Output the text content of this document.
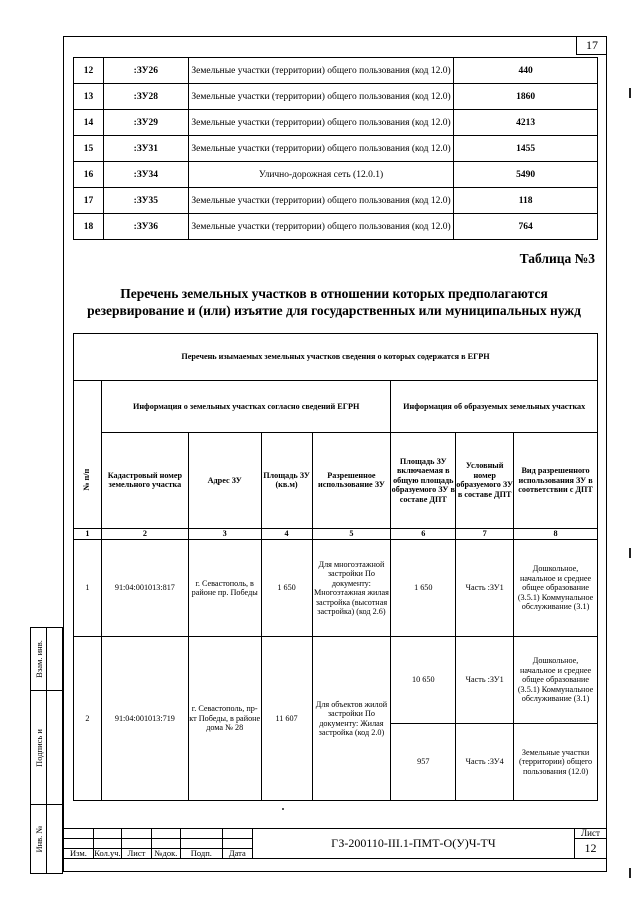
17
12	:ЗУ26	Земельные участки (территории) общего пользования (код 12.0)	440
13	:ЗУ28	Земельные участки (территории) общего пользования (код 12.0)	1860
14	:ЗУ29	Земельные участки (территории) общего пользования (код 12.0)	4213
15	:ЗУ31	Земельные участки (территории) общего пользования (код 12.0)	1455
16	:ЗУ34	Улично-дорожная сеть (12.0.1)	5490
17	:ЗУ35	Земельные участки (территории) общего пользования (код 12.0)	118
18	:ЗУ36	Земельные участки (территории) общего пользования (код 12.0)	764
Таблица №3
Перечень земельных участков в отношении которых предполагаются резервирование и (или) изъятие для государственных или муниципальных нужд
Перечень изымаемых земельных участков сведения о которых содержатся в ЕГРН							
	Информация о земельных участках согласно сведений ЕГРН				Информация об образуемых земельных участках		
№ п/п	Кадастровый номер земельного участка	Адрес ЗУ	Площадь ЗУ (кв.м)	Разрешенное использование ЗУ	Площадь ЗУ включаемая в общую площадь образуемого ЗУ в составе ДПТ	Условный номер образуемого ЗУ в составе ДПТ	Вид разрешенного использования ЗУ в соответствии с ДПТ
1	2	3	4	5	6	7	8
1	91:04:001013:817	г. Севастополь, в районе пр. Победы	1 650	Для многоэтажной застройки По документу: Многоэтажная жилая застройка (высотная застройка) (код 2.6)	1 650	Часть :ЗУ1	Дошкольное, начальное и среднее общее образование (3.5.1) Коммунальное обслуживание (3.1)
2	91:04:001013:719	г. Севастополь, пр-кт Победы, в районе дома № 28	11 607	Для объектов жилой застройки По документу: Жилая застройка (код 2.0)	10 650	Часть :ЗУ1	Дошкольное, начальное и среднее общее образование (3.5.1) Коммунальное обслуживание (3.1)
					957	Часть :ЗУ4	Земельные участки (территории) общего пользования (12.0)
Взам. инв.	

Подпись и	

Инв. №	

							ГЗ-200110-III.1-ПМТ-О(У)Ч-ТЧ	Лист
							12
Изм.	Кол.уч.	Лист	№док.	Подп.	Дата		
